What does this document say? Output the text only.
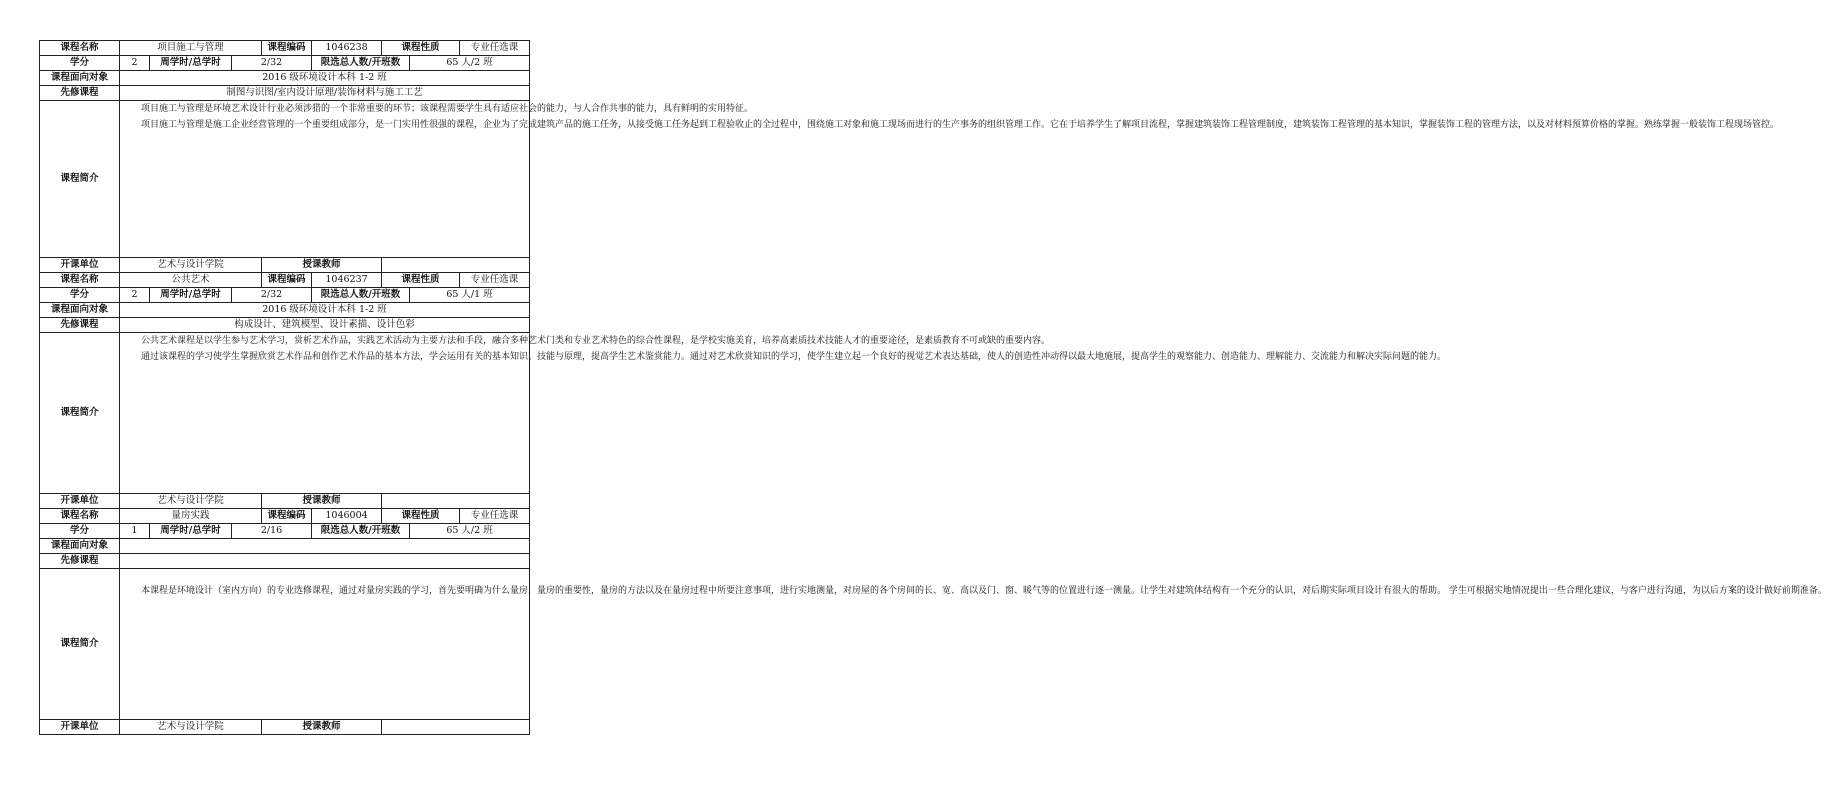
课程名称	项目施工与管理			课程编码	1046238	课程性质		专业任选课
学分	2	周学时/总学时	2/32		限选总人数/开班数		65 人/2 班	
课程面向对象	2016 级环境设计本科 1-2 班							
先修课程	制图与识图/室内设计原理/装饰材料与施工工艺							
课程简介	项目施工与管理是环境艺术设计行业必须涉猎的一个非常重要的环节；该课程需要学生具有适应社会的能力，与人合作共事的能力，具有鲜明的实用特征。

项目施工与管理是施工企业经营管理的一个重要组成部分，是一门实用性很强的课程，企业为了完成建筑产品的施工任务，从接受施工任务起到工程验收止的全过程中，围绕施工对象和施工现场而进行的生产事务的组织管理工作。它在于培养学生了解项目流程，掌握建筑装饰工程管理制度，建筑装饰工程管理的基本知识，掌握装饰工程的管理方法，以及对材料预算价格的掌握。熟练掌握一般装饰工程现场管控。							

开课单位	艺术与设计学院			授课教师				
课程名称	公共艺术			课程编码	1046237	课程性质		专业任选课
学分	2	周学时/总学时	2/32		限选总人数/开班数		65 人/1 班	
课程面向对象	2016 级环境设计本科 1-2 班							
先修课程	构成设计、建筑模型、设计素描、设计色彩							
课程简介	公共艺术课程是以学生参与艺术学习，赏析艺术作品，实践艺术活动为主要方法和手段，融合多种艺术门类和专业艺术特色的综合性课程，是学校实施美育，培养高素质技术技能人才的重要途径，是素质教育不可或缺的重要内容。

通过该课程的学习使学生掌握欣赏艺术作品和创作艺术作品的基本方法，学会运用有关的基本知识、技能与原理，提高学生艺术鉴赏能力。通过对艺术欣赏知识的学习，使学生建立起一个良好的视觉艺术表达基础，使人的创造性冲动得以最大地施展，提高学生的观察能力、创造能力、理解能力、交流能力和解决实际问题的能力。							

开课单位	艺术与设计学院			授课教师				
课程名称	量房实践			课程编码	1046004	课程性质		专业任选课
学分	1	周学时/总学时	2/16		限选总人数/开班数		65 人/2 班	
课程面向对象								
先修课程								
课程简介	本课程是环境设计（室内方向）的专业选修课程，通过对量房实践的学习，首先要明确为什么量房，量房的重要性，量房的方法以及在量房过程中所要注意事项，进行实地测量，对房屋的各个房间的长、宽、高以及门、窗、暖气等的位置进行逐一测量。让学生对建筑体结构有一个充分的认识，对后期实际项目设计有很大的帮助。 学生可根据实地情况提出一些合理化建议，与客户进行沟通，为以后方案的设计做好前期准备。							

开课单位	艺术与设计学院			授课教师				
